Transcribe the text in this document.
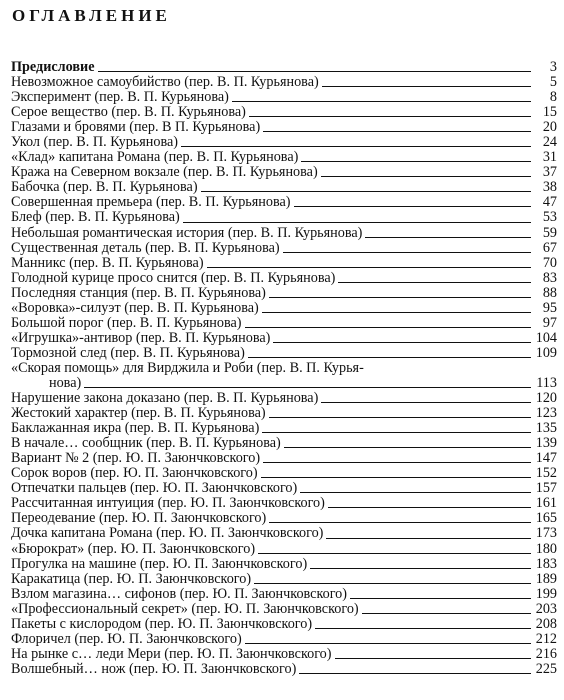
ОГЛАВЛЕНИЕ
Предисловие	3
Невозможное самоубийство (пер. В. П. Курьянова)	5
Эксперимент (пер. В. П. Курьянова)	8
Серое вещество (пер. В. П. Курьянова)	15
Глазами и бровями (пер. В П. Курьянова)	20
Укол (пер. В. П. Курьянова)	24
«Клад» капитана Романа (пер. В. П. Курьянова)	31
Кража на Северном вокзале (пер. В. П. Курьянова)	37
Бабочка (пер. В. П. Курьянова)	38
Совершенная премьера (пер. В. П. Курьянова)	47
Блеф (пер. В. П. Курьянова)	53
Небольшая романтическая история (пер. В. П. Курьянова)	59
Существенная деталь (пер. В. П. Курьянова)	67
Манникс (пер. В. П. Курьянова)	70
Голодной курице просо снится (пер. В. П. Курьянова)	83
Последняя станция (пер. В. П. Курьянова)	88
«Воровка»-силуэт (пер. В. П. Курьянова)	95
Большой порог (пер. В. П. Курьянова)	97
«Игрушка»-антивор (пер. В. П. Курьянова)	104
Тормозной след (пер. В. П. Курьянова)	109
«Скорая помощь» для Вирджила и Роби (пер. В. П. Курья-
нова)	113
Нарушение закона доказано (пер. В. П. Курьянова)	120
Жестокий характер (пер. В. П. Курьянова)	123
Баклажанная икра (пер. В. П. Курьянова)	135
В начале… сообщник (пер. В. П. Курьянова)	139
Вариант № 2 (пер. Ю. П. Заюнчковского)	147
Сорок воров (пер. Ю. П. Заюнчковского)	152
Отпечатки пальцев (пер. Ю. П. Заюнчковского)	157
Рассчитанная интуиция (пер. Ю. П. Заюнчковского)	161
Переодевание (пер. Ю. П. Заюнчковского)	165
Дочка капитана Романа (пер. Ю. П. Заюнчковского)	173
«Бюрократ» (пер. Ю. П. Заюнчковского)	180
Прогулка на машине (пер. Ю. П. Заюнчковского)	183
Каракатица (пер. Ю. П. Заюнчковского)	189
Взлом магазина… сифонов (пер. Ю. П. Заюнчковского)	199
«Профессиональный секрет» (пер. Ю. П. Заюнчковского)	203
Пакеты с кислородом (пер. Ю. П. Заюнчковского)	208
Флоричел (пер. Ю. П. Заюнчковского)	212
На рынке с… леди Мери (пер. Ю. П. Заюнчковского)	216
Волшебный… нож (пер. Ю. П. Заюнчковского)	225
